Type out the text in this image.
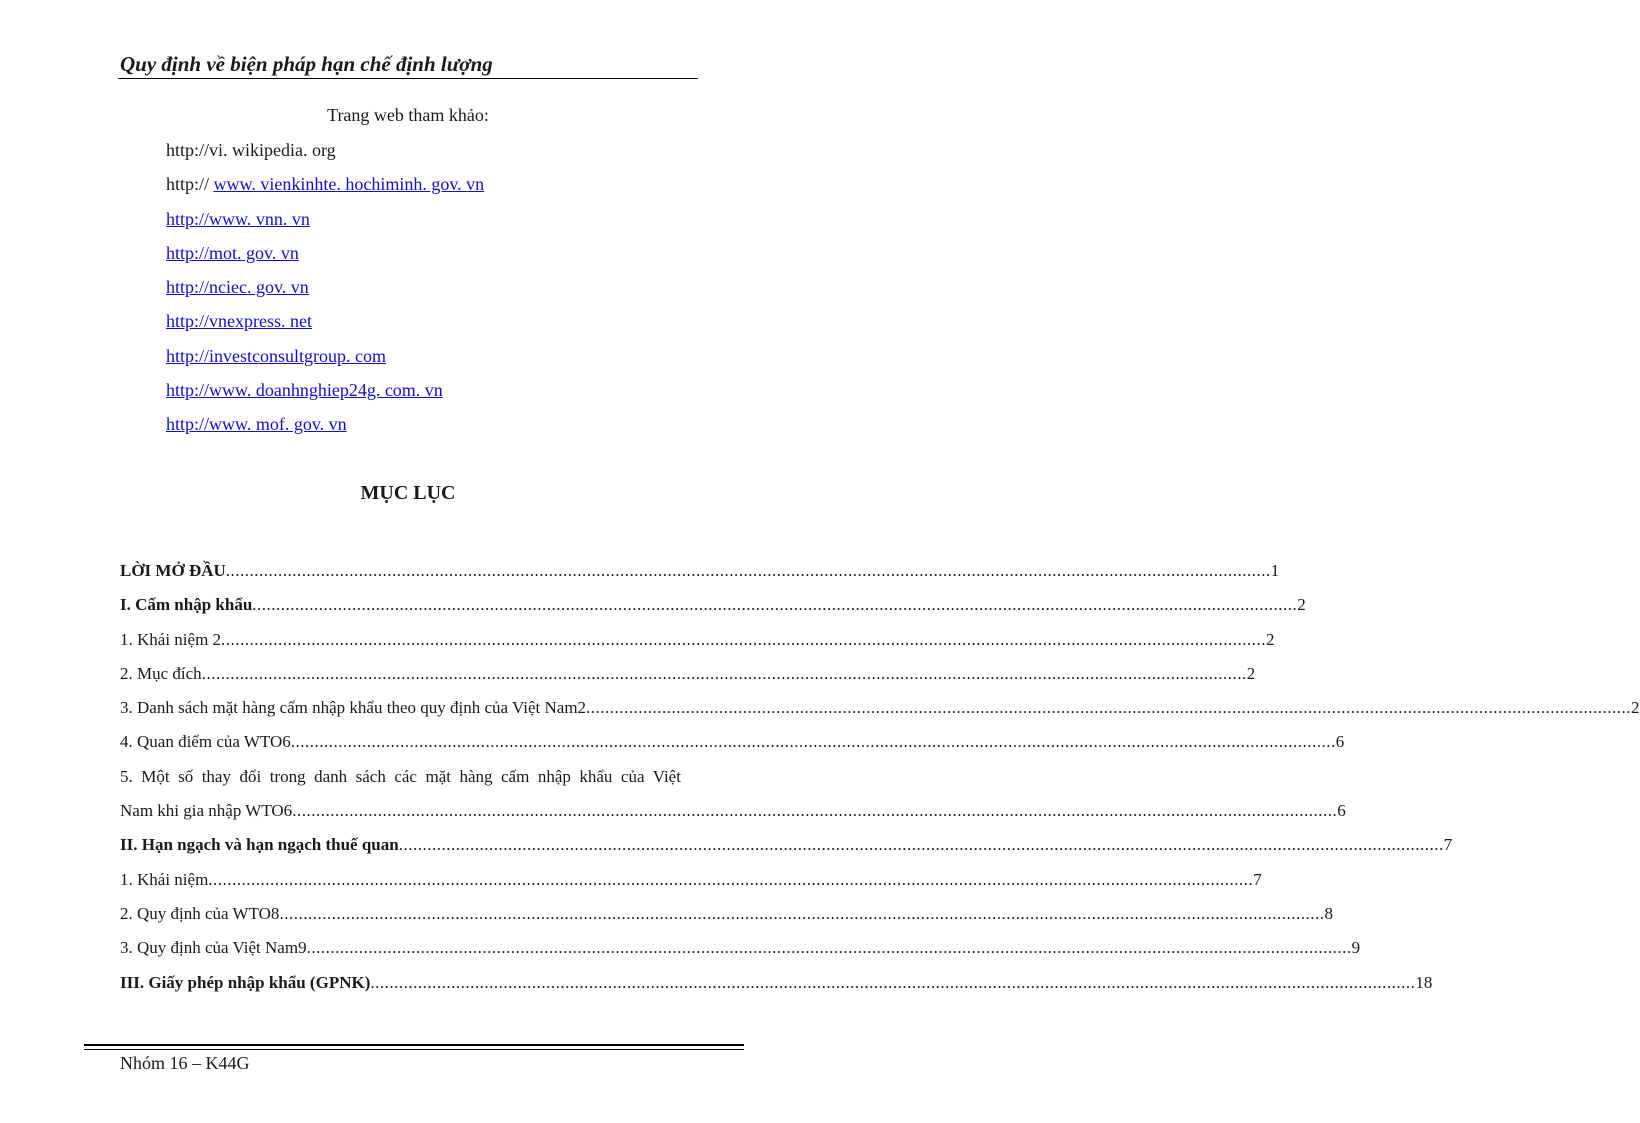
Quy định về biện pháp hạn chế định lượng
Trang web tham khảo:
http://vi. wikipedia. org
http:// www. vienkinhte. hochiminh. gov. vn
http://www. vnn. vn
http://mot. gov. vn
http://nciec. gov. vn
http://vnexpress. net
http://investconsultgroup. com
http://www. doanhnghiep24g. com. vn
http://www. mof. gov. vn
MỤC LỤC
LỜI MỞ ĐẦU ............................................................................................................................................................................................................................ 1
I. Cấm nhập khẩu ............................................................................................................................................................................................................................ 2
1. Khái niệm 2 ............................................................................................................................................................................................................................ 2
2. Mục đích ............................................................................................................................................................................................................................ 2
3. Danh sách mặt hàng cấm nhập khẩu theo quy định của Việt Nam2 ............................................................................................................................................................................................................................ 2
4. Quan điểm của WTO6 ............................................................................................................................................................................................................................ 6
5.  Một  số  thay  đổi  trong  danh  sách  các  mặt  hàng  cấm  nhập  khẩu  của  Việt
Nam khi gia nhập WTO6 ............................................................................................................................................................................................................................ 6
II. Hạn ngạch và hạn ngạch thuế quan ............................................................................................................................................................................................................................ 7
1. Khái niệm ............................................................................................................................................................................................................................ 7
2. Quy định của WTO8 ............................................................................................................................................................................................................................ 8
3. Quy định của Việt Nam9 ............................................................................................................................................................................................................................ 9
III. Giấy phép nhập khẩu (GPNK) ............................................................................................................................................................................................................................ 18
Nhóm 16 – K44G
